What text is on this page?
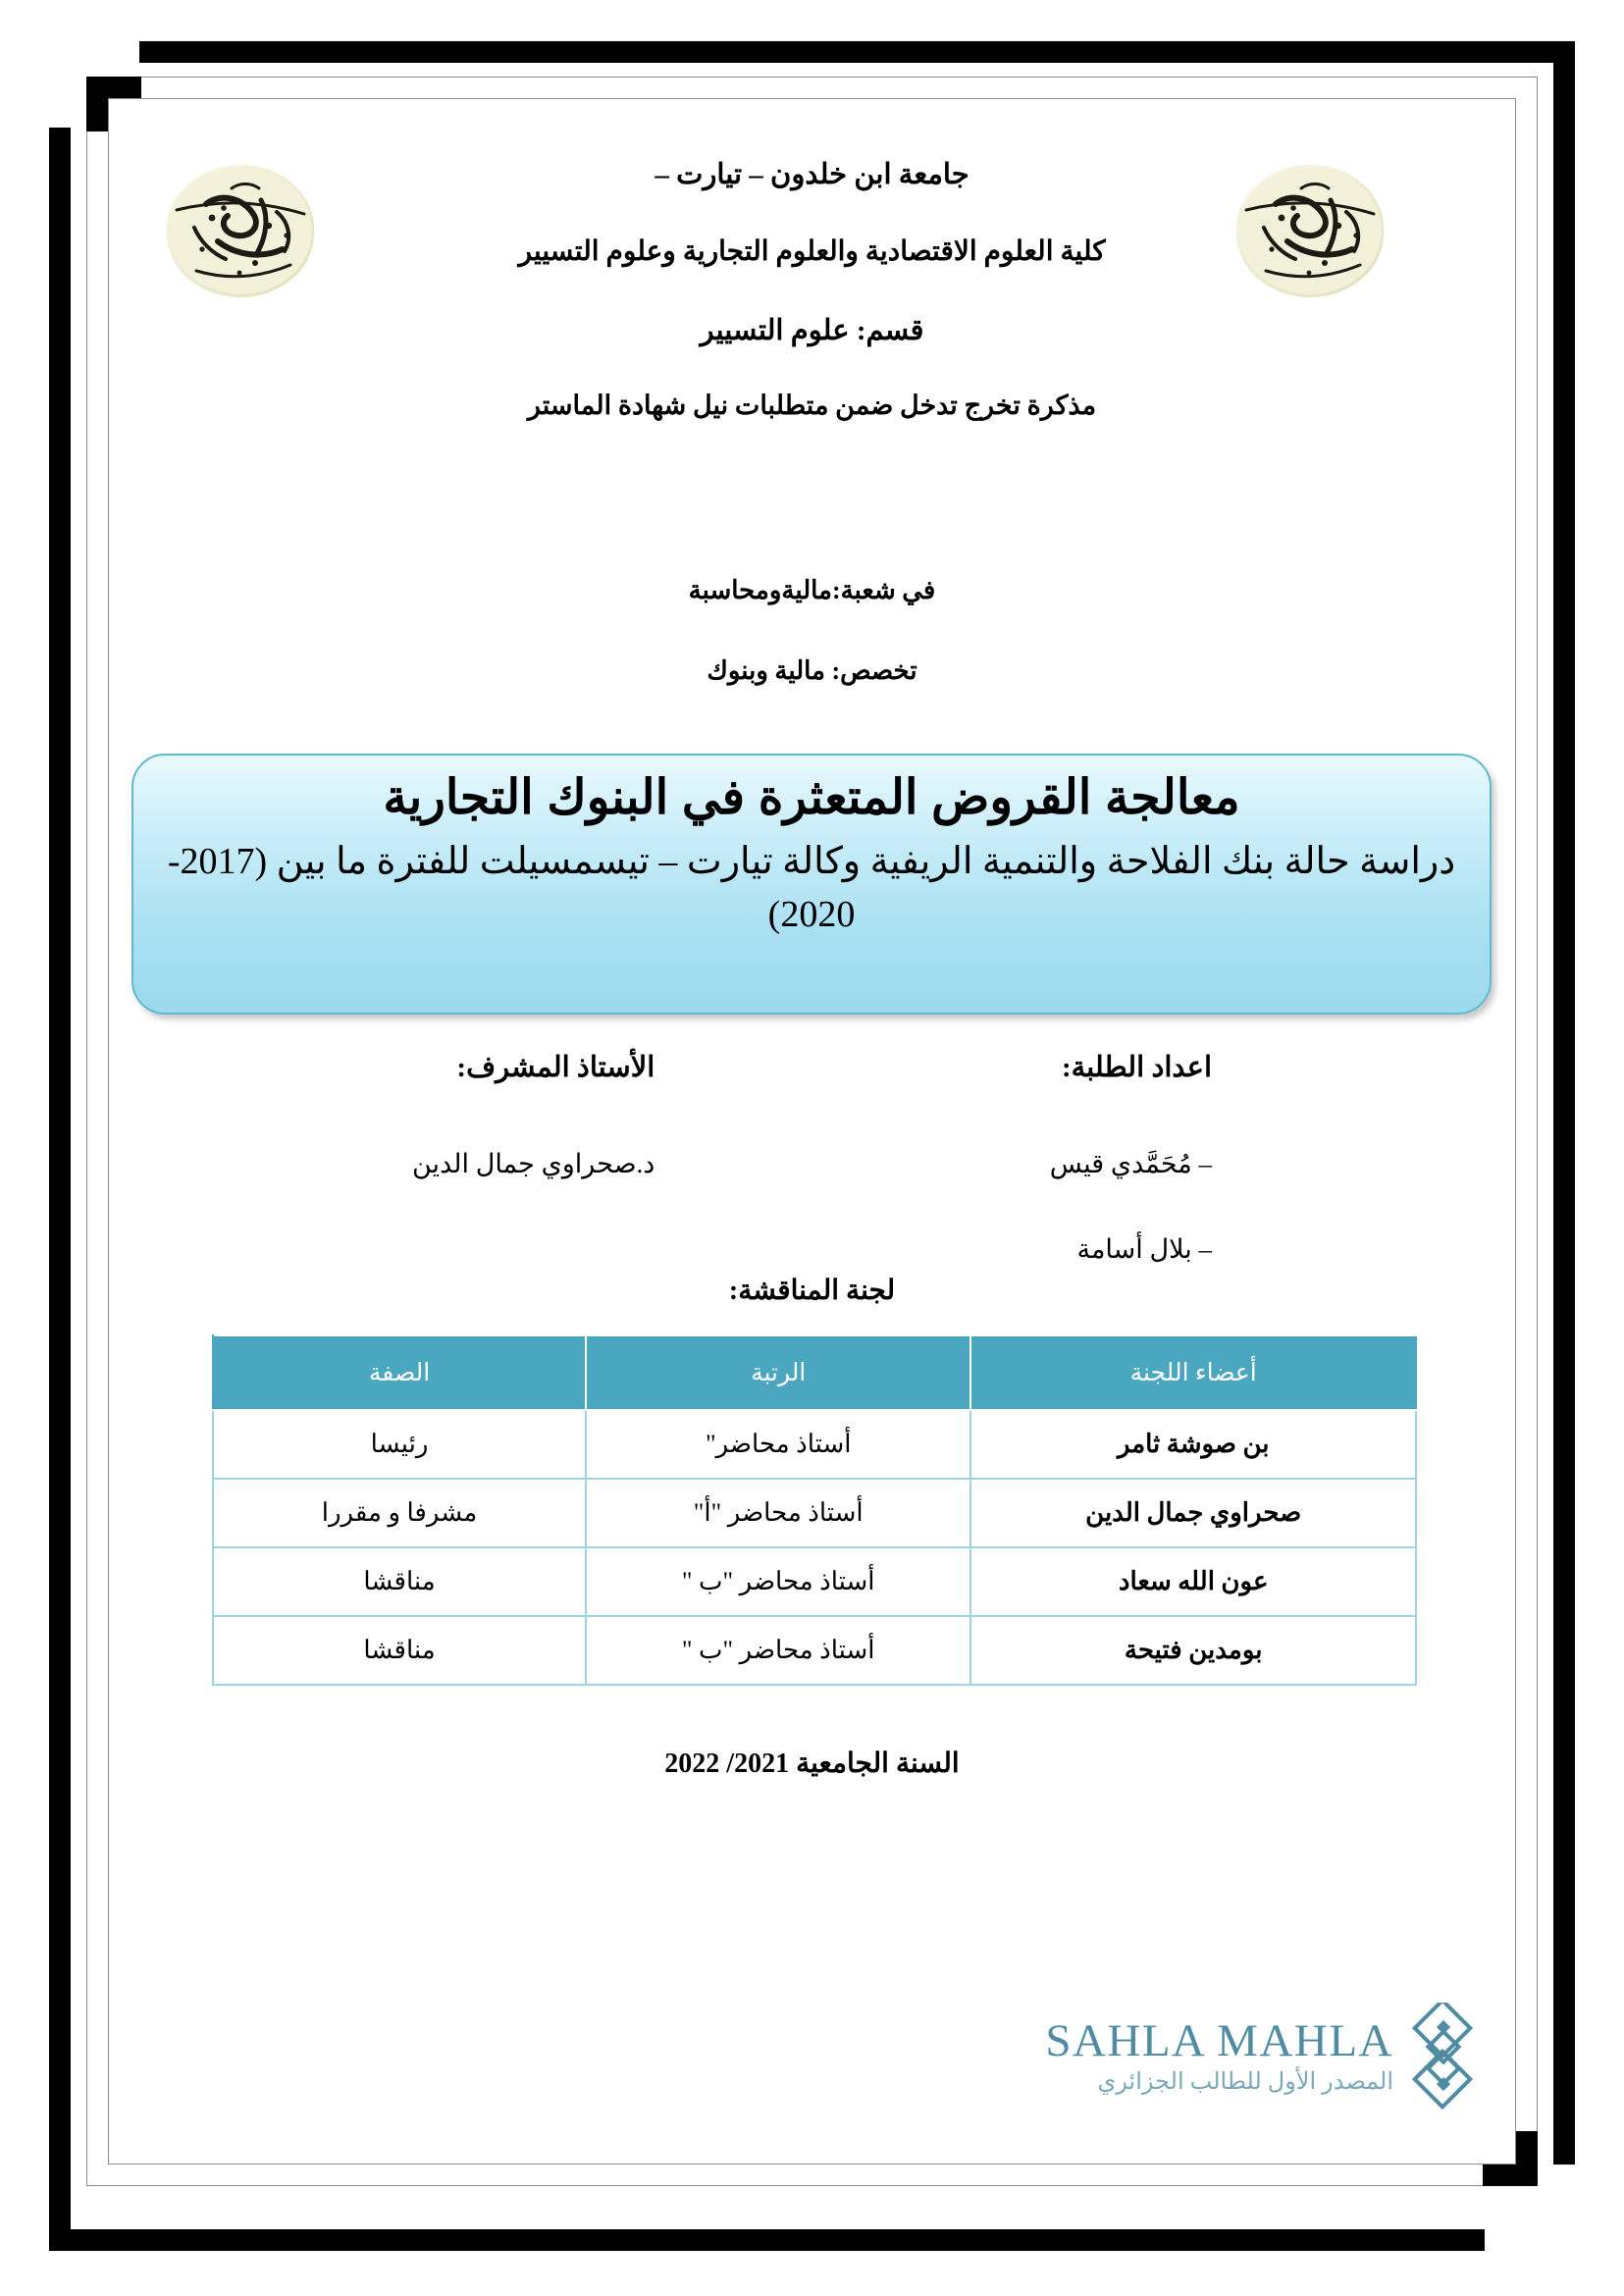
جامعة ابن خلدون – تيارت –
كلية العلوم الاقتصادية والعلوم التجارية وعلوم التسيير
قسم: علوم التسيير
مذكرة تخرج تدخل ضمن متطلبات نيل شهادة الماستر
في شعبة:ماليةومحاسبة
تخصص: مالية وبنوك
معالجة القروض المتعثرة في البنوك التجارية
دراسة حالة بنك الفلاحة والتنمية الريفية وكالة تيارت – تيسمسيلت للفترة ما بين (2017-2020)
اعداد الطلبة:
– مُحَمَّدي قيس
– بلال أسامة
الأستاذ المشرف:
د.صحراوي جمال الدين
لجنة المناقشة:
أعضاء اللجنة	الرتبة	الصفة
بن صوشة ثامر	أستاذ محاضر"	رئيسا
صحراوي جمال الدين	أستاذ محاضر "أ"	مشرفا و مقررا
عون الله سعاد	أستاذ محاضر "ب "	مناقشا
بومدين فتيحة	أستاذ محاضر "ب "	مناقشا
السنة الجامعية 2021/ 2022
SAHLA MAHLA
المصدر الأول للطالب الجزائري
